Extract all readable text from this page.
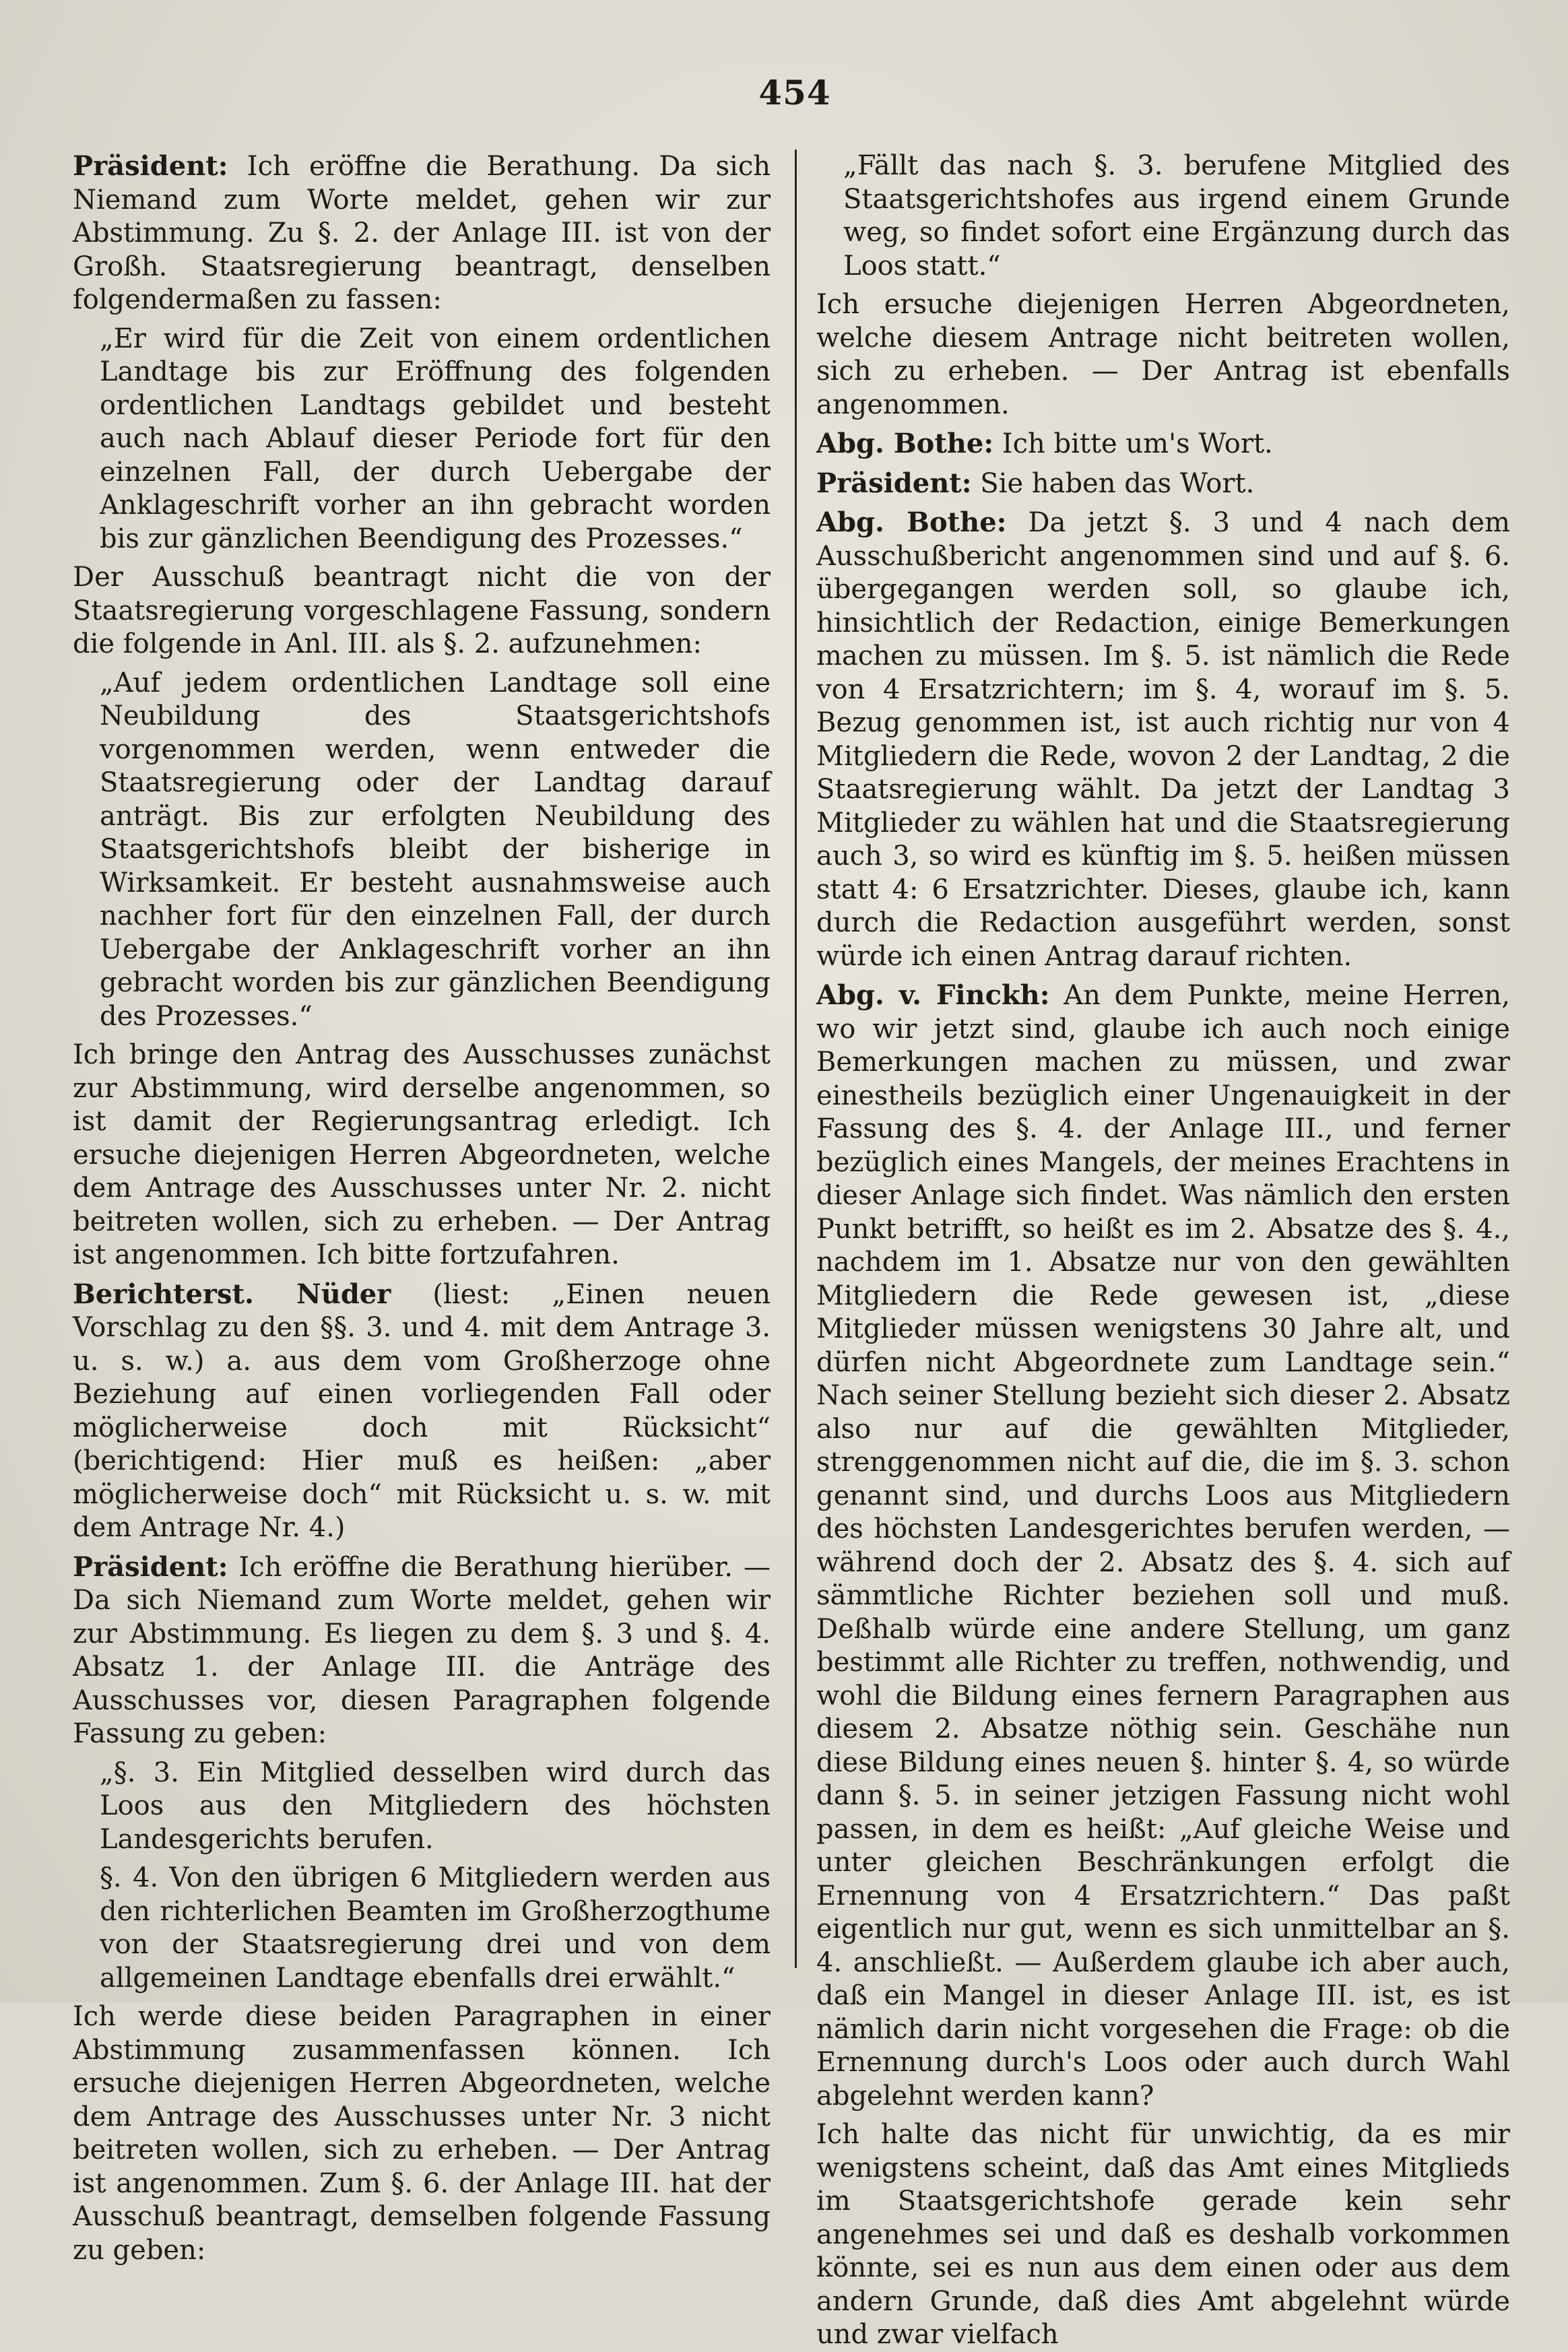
454

Präsident: Ich eröffne die Berathung. Da sich Niemand zum Worte meldet, gehen wir zur Abstimmung. Zu §. 2. der Anlage III. ist von der Großh. Staatsregierung beantragt, denselben folgendermaßen zu fassen:

„Er wird für die Zeit von einem ordentlichen Landtage bis zur Eröffnung des folgenden ordentlichen Landtags gebildet und besteht auch nach Ablauf dieser Periode fort für den einzelnen Fall, der durch Uebergabe der Anklageschrift vorher an ihn gebracht worden bis zur gänzlichen Beendigung des Prozesses.“

Der Ausschuß beantragt nicht die von der Staatsregierung vorgeschlagene Fassung, sondern die folgende in Anl. III. als §. 2. aufzunehmen:

„Auf jedem ordentlichen Landtage soll eine Neubildung des Staatsgerichtshofs vorgenommen werden, wenn entweder die Staatsregierung oder der Landtag darauf anträgt. Bis zur erfolgten Neubildung des Staatsgerichtshofs bleibt der bisherige in Wirksamkeit. Er besteht ausnahmsweise auch nachher fort für den einzelnen Fall, der durch Uebergabe der Anklageschrift vorher an ihn gebracht worden bis zur gänzlichen Beendigung des Prozesses.“

Ich bringe den Antrag des Ausschusses zunächst zur Abstimmung, wird derselbe angenommen, so ist damit der Regierungsantrag erledigt. Ich ersuche diejenigen Herren Abgeordneten, welche dem Antrage des Ausschusses unter Nr. 2. nicht beitreten wollen, sich zu erheben. — Der Antrag ist angenommen. Ich bitte fortzufahren.

Berichterst. Nüder (liest: „Einen neuen Vorschlag zu den §§. 3. und 4. mit dem Antrage 3. u. s. w.) a. aus dem vom Großherzoge ohne Beziehung auf einen vorliegenden Fall oder möglicherweise doch mit Rücksicht“ (berichtigend: Hier muß es heißen: „aber möglicherweise doch“ mit Rücksicht u. s. w. mit dem Antrage Nr. 4.)

Präsident: Ich eröffne die Berathung hierüber. — Da sich Niemand zum Worte meldet, gehen wir zur Abstimmung. Es liegen zu dem §. 3 und §. 4. Absatz 1. der Anlage III. die Anträge des Ausschusses vor, diesen Paragraphen folgende Fassung zu geben:

„§. 3. Ein Mitglied desselben wird durch das Loos aus den Mitgliedern des höchsten Landesgerichts berufen.

§. 4. Von den übrigen 6 Mitgliedern werden aus den richterlichen Beamten im Großherzogthume von der Staatsregierung drei und von dem allgemeinen Landtage ebenfalls drei erwählt.“

Ich werde diese beiden Paragraphen in einer Abstimmung zusammenfassen können. Ich ersuche diejenigen Herren Abgeordneten, welche dem Antrage des Ausschusses unter Nr. 3 nicht beitreten wollen, sich zu erheben. — Der Antrag ist angenommen. Zum §. 6. der Anlage III. hat der Ausschuß beantragt, demselben folgende Fassung zu geben:

„Fällt das nach §. 3. berufene Mitglied des Staatsgerichtshofes aus irgend einem Grunde weg, so findet sofort eine Ergänzung durch das Loos statt.“

Ich ersuche diejenigen Herren Abgeordneten, welche diesem Antrage nicht beitreten wollen, sich zu erheben. — Der Antrag ist ebenfalls angenommen.

Abg. Bothe: Ich bitte um's Wort.

Präsident: Sie haben das Wort.

Abg. Bothe: Da jetzt §. 3 und 4 nach dem Ausschußbericht angenommen sind und auf §. 6. übergegangen werden soll, so glaube ich, hinsichtlich der Redaction, einige Bemerkungen machen zu müssen. Im §. 5. ist nämlich die Rede von 4 Ersatzrichtern; im §. 4, worauf im §. 5. Bezug genommen ist, ist auch richtig nur von 4 Mitgliedern die Rede, wovon 2 der Landtag, 2 die Staatsregierung wählt. Da jetzt der Landtag 3 Mitglieder zu wählen hat und die Staatsregierung auch 3, so wird es künftig im §. 5. heißen müssen statt 4: 6 Ersatzrichter. Dieses, glaube ich, kann durch die Redaction ausgeführt werden, sonst würde ich einen Antrag darauf richten.

Abg. v. Finckh: An dem Punkte, meine Herren, wo wir jetzt sind, glaube ich auch noch einige Bemerkungen machen zu müssen, und zwar einestheils bezüglich einer Ungenauigkeit in der Fassung des §. 4. der Anlage III., und ferner bezüglich eines Mangels, der meines Erachtens in dieser Anlage sich findet. Was nämlich den ersten Punkt betrifft, so heißt es im 2. Absatze des §. 4., nachdem im 1. Absatze nur von den gewählten Mitgliedern die Rede gewesen ist, „diese Mitglieder müssen wenigstens 30 Jahre alt, und dürfen nicht Abgeordnete zum Landtage sein.“ Nach seiner Stellung bezieht sich dieser 2. Absatz also nur auf die gewählten Mitglieder, strenggenommen nicht auf die, die im §. 3. schon genannt sind, und durchs Loos aus Mitgliedern des höchsten Landesgerichtes berufen werden, — während doch der 2. Absatz des §. 4. sich auf sämmtliche Richter beziehen soll und muß. Deßhalb würde eine andere Stellung, um ganz bestimmt alle Richter zu treffen, nothwendig, und wohl die Bildung eines fernern Paragraphen aus diesem 2. Absatze nöthig sein. Geschähe nun diese Bildung eines neuen §. hinter §. 4, so würde dann §. 5. in seiner jetzigen Fassung nicht wohl passen, in dem es heißt: „Auf gleiche Weise und unter gleichen Beschränkungen erfolgt die Ernennung von 4 Ersatzrichtern.“ Das paßt eigentlich nur gut, wenn es sich unmittelbar an §. 4. anschließt. — Außerdem glaube ich aber auch, daß ein Mangel in dieser Anlage III. ist, es ist nämlich darin nicht vorgesehen die Frage: ob die Ernennung durch's Loos oder auch durch Wahl abgelehnt werden kann?

Ich halte das nicht für unwichtig, da es mir wenigstens scheint, daß das Amt eines Mitglieds im Staatsgerichtshofe gerade kein sehr angenehmes sei und daß es deshalb vorkommen könnte, sei es nun aus dem einen oder aus dem andern Grunde, daß dies Amt abgelehnt würde und zwar vielfach
